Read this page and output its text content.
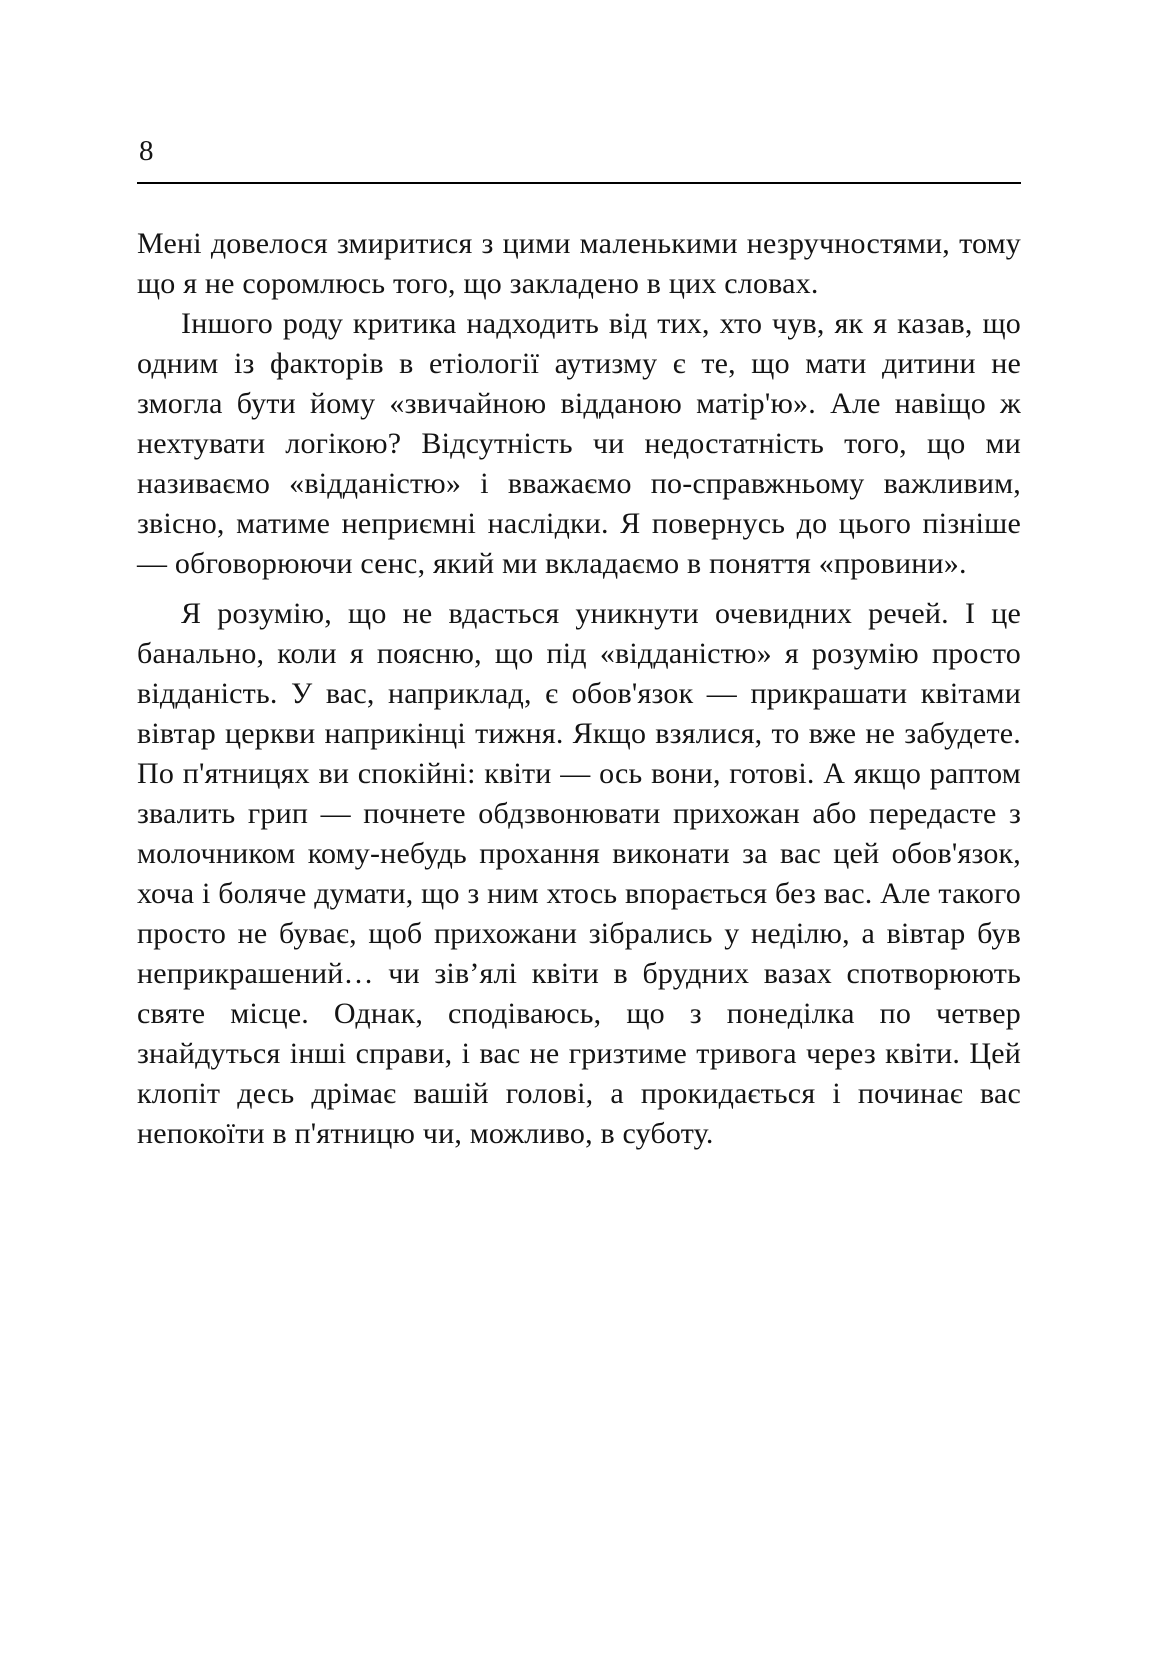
8

Мені довелося змиритися з цими маленькими незручностями, тому що я не соромлюсь того, що закладено в цих словах.

Іншого роду критика надходить від тих, хто чув, як я казав, що одним із факторів в етіології аутизму є те, що мати дитини не змогла бути йому «звичайною відданою матір'ю». Але навіщо ж нехтувати логікою? Відсутність чи недостатність того, що ми називаємо «відданістю» і вважаємо по-справжньому важливим, звісно, матиме неприємні наслідки. Я повернусь до цього пізніше — обговорюючи сенс, який ми вкладаємо в поняття «провини».

Я розумію, що не вдасться уникнути очевидних речей. І це банально, коли я поясню, що під «відданістю» я розумію просто відданість. У вас, наприклад, є обов'язок — прикрашати квітами вівтар церкви наприкінці тижня. Якщо взялися, то вже не забудете. По п'ятницях ви спокійні: квіти — ось вони, готові. А якщо раптом звалить грип — почнете обдзвонювати прихожан або передасте з молочником кому-небудь прохання виконати за вас цей обов'язок, хоча і боляче думати, що з ним хтось впорається без вас. Але такого просто не буває, щоб прихожани зібрались у неділю, а вівтар був неприкрашений… чи зів’ялі квіти в брудних вазах спотворюють святе місце. Однак, сподіваюсь, що з понеділка по четвер знайдуться інші справи, і вас не гризтиме тривога через квіти. Цей клопіт десь дрімає вашій голові, а прокидається і починає вас непокоїти в п'ятницю чи, можливо, в суботу.
